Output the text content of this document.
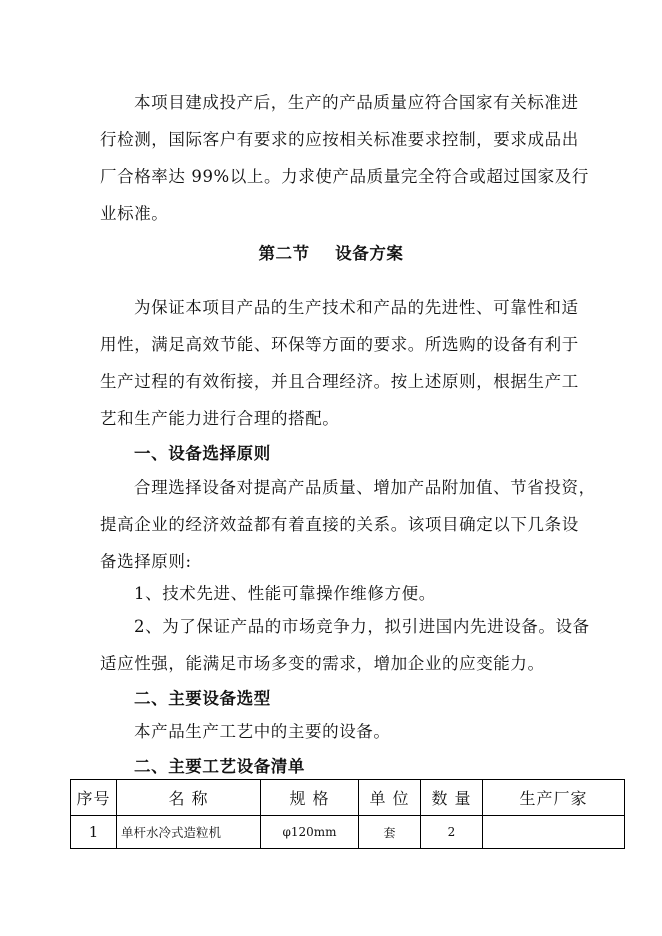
本项目建成投产后，生产的产品质量应符合国家有关标准进
行检测，国际客户有要求的应按相关标准要求控制，要求成品出
厂合格率达 99%以上。力求使产品质量完全符合或超过国家及行
业标准。
第二节    设备方案
为保证本项目产品的生产技术和产品的先进性、可靠性和适
用性，满足高效节能、环保等方面的要求。所选购的设备有利于
生产过程的有效衔接，并且合理经济。按上述原则，根据生产工
艺和生产能力进行合理的搭配。

一、设备选择原则

合理选择设备对提高产品质量、增加产品附加值、节省投资，
提高企业的经济效益都有着直接的关系。该项目确定以下几条设
备选择原则:

1、技术先进、性能可靠操作维修方便。

2、为了保证产品的市场竞争力，拟引进国内先进设备。设备
适应性强，能满足市场多变的需求，增加企业的应变能力。

二、主要设备选型

本产品生产工艺中的主要的设备。

二、主要工艺设备清单

序号	名 称	规 格	单 位	数 量	生产厂家
1	单杆水冷式造粒机	φ120mm	套	2	
